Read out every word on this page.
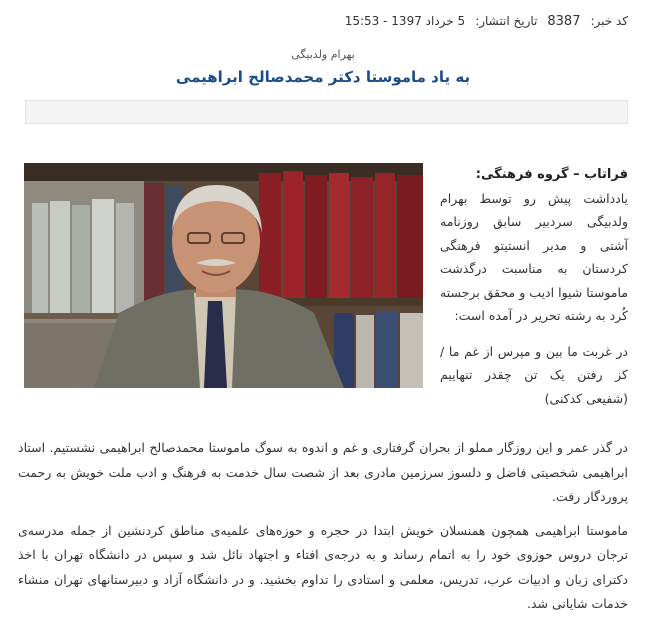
کد خبر:
8387
تاریخ انتشار:
5 خرداد 1397 - 15:53
بهرام ولدبیگی
به یاد ماموستا دکتر محمدصالح ابراهیمی
فراتاب – گروه فرهنگی:
یادداشت پیش رو توسط بهرام ولدبیگی سردبیر سابق روزنامه آشتی و مدیر انستیتو فرهنگی کردستان به مناسبت درگذشت ماموستا شیوا ادیب و محقق برجسته کُرد به رشته تحریر در آمده است:
در غربت ما بین و مپرس از غم ما / کز رفتن یک تن چقدر تنهاییم (شفیعی کدکنی)

در گذر عمر و این روزگار مملو از بحران گرفتاری و غم و اندوه به سوگ ماموستا محمدصالح ابراهیمی نشستیم. استاد ابراهیمی شخصیتی فاضل و دلسوز سرزمین مادری بعد از شصت سال خدمت به فرهنگ و ادب ملت خویش به رحمت پروردگار رفت.

ماموستا ابراهیمی همچون همنسلان خویش ابتدا در حجره و حوزه‌های علمیه‌ی مناطق کردنشین از جمله مدرسه‌ی ترجان دروس حوزوی خود را به اتمام رساند و به درجه‌ی افتاء و اجتهاد نائل شد و سپس در دانشگاه تهران با اخذ دکترای زبان و ادبیات عرب، تدریس، معلمی و استادی را تداوم بخشید. و در دانشگاه آزاد و دبیرستانهای تهران منشاء خدمات شایانی شد.
